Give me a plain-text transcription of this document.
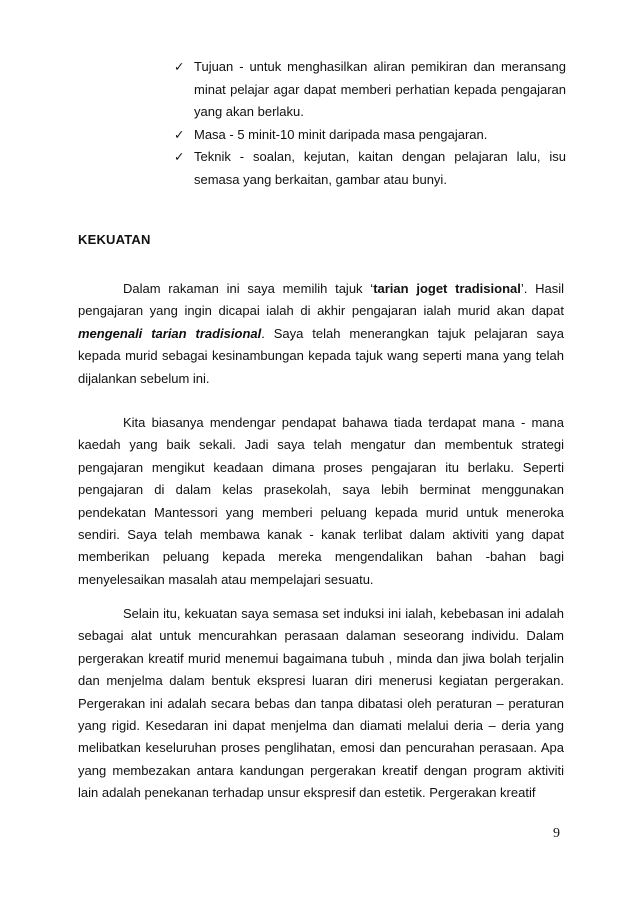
✓ Tujuan - untuk menghasilkan aliran pemikiran dan meransang minat pelajar agar dapat memberi perhatian kepada pengajaran yang akan berlaku.
✓ Masa - 5 minit-10 minit daripada masa pengajaran.
✓ Teknik - soalan, kejutan, kaitan dengan pelajaran lalu, isu semasa yang berkaitan, gambar atau bunyi.
KEKUATAN
Dalam rakaman ini saya memilih tajuk ‘tarian joget tradisional’. Hasil pengajaran yang ingin dicapai ialah di akhir pengajaran ialah murid akan dapat mengenali tarian tradisional. Saya telah menerangkan tajuk pelajaran saya kepada murid sebagai kesinambungan kepada tajuk wang seperti mana yang telah dijalankan sebelum ini.
Kita biasanya mendengar pendapat bahawa tiada terdapat mana - mana kaedah yang baik sekali. Jadi saya telah mengatur dan membentuk strategi pengajaran mengikut keadaan dimana proses pengajaran itu berlaku. Seperti pengajaran di dalam kelas prasekolah, saya lebih berminat menggunakan pendekatan Mantessori yang memberi peluang kepada murid untuk meneroka sendiri. Saya telah membawa kanak - kanak terlibat dalam aktiviti yang dapat memberikan peluang kepada mereka mengendalikan bahan -bahan bagi menyelesaikan masalah atau mempelajari sesuatu.
Selain itu, kekuatan saya semasa set induksi ini ialah, kebebasan ini adalah sebagai alat untuk mencurahkan perasaan dalaman seseorang individu. Dalam pergerakan kreatif murid menemui bagaimana tubuh , minda dan jiwa bolah terjalin dan menjelma dalam bentuk ekspresi luaran diri menerusi kegiatan pergerakan. Pergerakan ini adalah secara bebas dan tanpa dibatasi oleh peraturan – peraturan yang rigid. Kesedaran ini dapat menjelma dan diamati melalui deria – deria yang melibatkan keseluruhan proses penglihatan, emosi dan pencurahan perasaan. Apa yang membezakan antara kandungan pergerakan kreatif dengan program aktiviti lain adalah penekanan terhadap unsur ekspresif dan estetik. Pergerakan kreatif
9
